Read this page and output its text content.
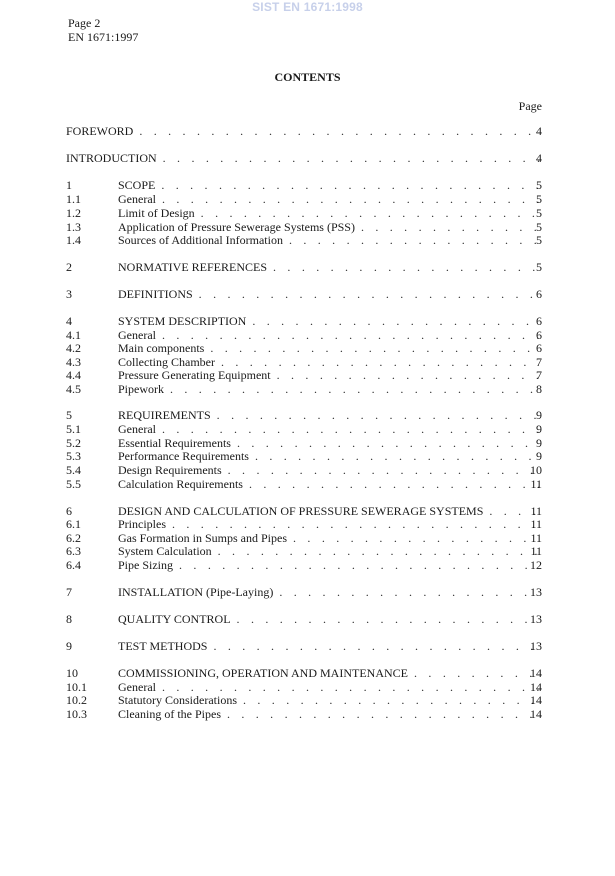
SIST EN 1671:1998
Page 2
EN 1671:1997
CONTENTS
Page
FOREWORD . . .	4
INTRODUCTION . . .	4
1	SCOPE . . .	5
1.1	General . . .	5
1.2	Limit of Design . . .	5
1.3	Application of Pressure Sewerage Systems (PSS) . . .	5
1.4	Sources of Additional Information . . .	5
2	NORMATIVE REFERENCES . . .	5
3	DEFINITIONS . . .	6
4	SYSTEM DESCRIPTION . . .	6
4.1	General . . .	6
4.2	Main components . . .	6
4.3	Collecting Chamber . . .	7
4.4	Pressure Generating Equipment . . .	7
4.5	Pipework . . .	8
5	REQUIREMENTS . . .	9
5.1	General . . .	9
5.2	Essential Requirements . . .	9
5.3	Performance Requirements . . .	9
5.4	Design Requirements . . .	10
5.5	Calculation Requirements . . .	11
6	DESIGN AND CALCULATION OF PRESSURE SEWERAGE SYSTEMS . . .	11
6.1	Principles . . .	11
6.2	Gas Formation in Sumps and Pipes . . .	11
6.3	System Calculation . . .	11
6.4	Pipe Sizing . . .	12
7	INSTALLATION (Pipe-Laying) . . .	13
8	QUALITY CONTROL . . .	13
9	TEST METHODS . . .	13
10	COMMISSIONING, OPERATION AND MAINTENANCE . . .	14
10.1	General . . .	14
10.2	Statutory Considerations . . .	14
10.3	Cleaning of the Pipes . . .	14
